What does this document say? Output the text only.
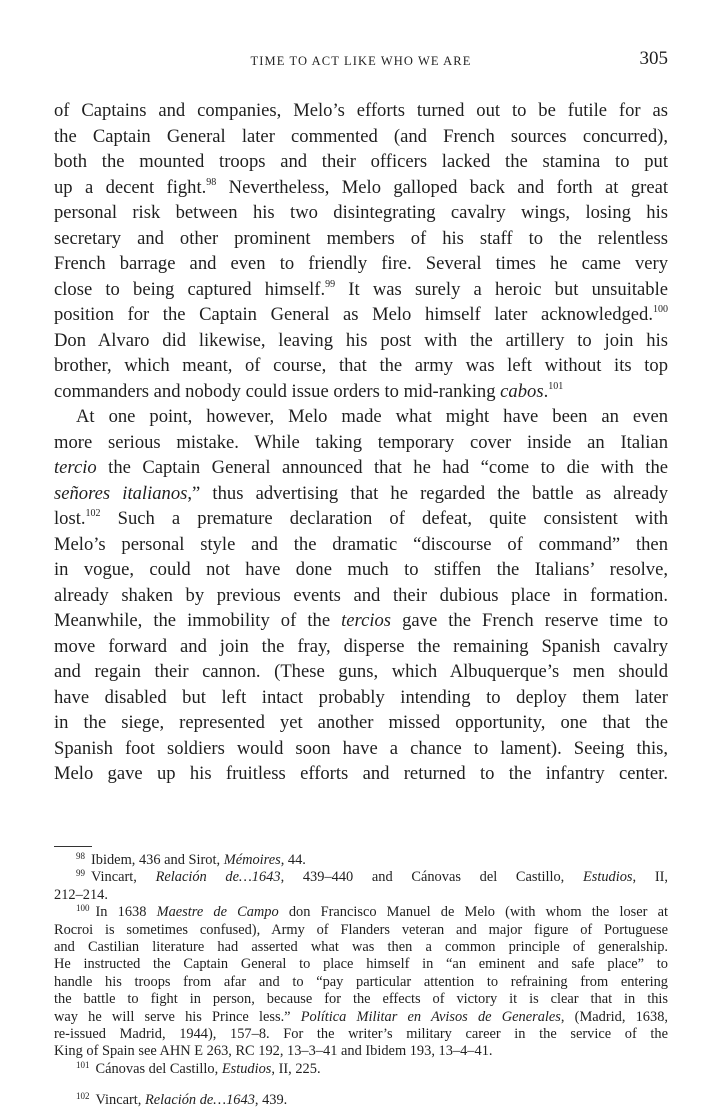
TIME TO ACT LIKE WHO WE ARE	305
of Captains and companies, Melo’s efforts turned out to be futile for as
the Captain General later commented (and French sources concurred),
both the mounted troops and their officers lacked the stamina to put
up a decent fight.$^{98}$ Nevertheless, Melo galloped back and forth at great
personal risk between his two disintegrating cavalry wings, losing his
secretary and other prominent members of his staff to the relentless
French barrage and even to friendly fire. Several times he came very
close to being captured himself.$^{99}$ It was surely a heroic but unsuitable
position for the Captain General as Melo himself later acknowledged.$^{100}$
Don Alvaro did likewise, leaving his post with the artillery to join his
brother, which meant, of course, that the army was left without its top
commanders and nobody could issue orders to mid-ranking cabos.$^{101}$
At one point, however, Melo made what might have been an even
more serious mistake. While taking temporary cover inside an Italian
tercio the Captain General announced that he had “come to die with the
señores italianos,” thus advertising that he regarded the battle as already
lost.$^{102}$ Such a premature declaration of defeat, quite consistent with
Melo’s personal style and the dramatic “discourse of command” then
in vogue, could not have done much to stiffen the Italians’ resolve,
already shaken by previous events and their dubious place in formation.
Meanwhile, the immobility of the tercios gave the French reserve time to
move forward and join the fray, disperse the remaining Spanish cavalry
and regain their cannon. (These guns, which Albuquerque’s men should
have disabled but left intact probably intending to deploy them later
in the siege, represented yet another missed opportunity, one that the
Spanish foot soldiers would soon have a chance to lament). Seeing this,
Melo gave up his fruitless efforts and returned to the infantry center.
$^{98}$ Ibidem, 436 and Sirot, Mémoires, 44.
$^{99}$ Vincart, Relación de…1643, 439–440 and Cánovas del Castillo, Estudios, II,
212–214.
$^{100}$ In 1638 Maestre de Campo don Francisco Manuel de Melo (with whom the loser at
Rocroi is sometimes confused), Army of Flanders veteran and major figure of Portuguese
and Castilian literature had asserted what was then a common principle of generalship.
He instructed the Captain General to place himself in “an eminent and safe place” to
handle his troops from afar and to “pay particular attention to refraining from entering
the battle to fight in person, because for the effects of victory it is clear that in this
way he will serve his Prince less.” Política Militar en Avisos de Generales, (Madrid, 1638,
re-issued Madrid, 1944), 157–8. For the writer’s military career in the service of the
King of Spain see AHN E 263, RC 192, 13–3–41 and Ibidem 193, 13–4–41.
$^{101}$ Cánovas del Castillo, Estudios, II, 225.
$^{102}$ Vincart, Relación de…1643, 439.
